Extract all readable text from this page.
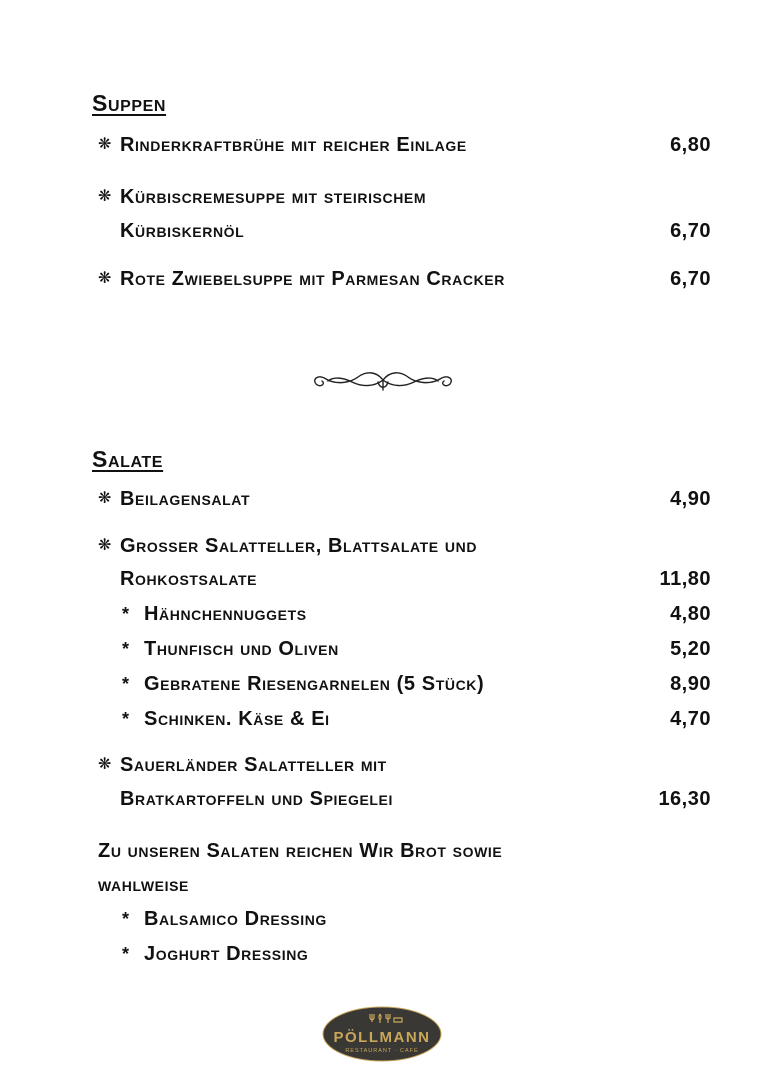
Suppen
❋ Rinderkraftbrühe mit reicher Einlage	6,80
❋ Kürbiscremesuppe mit steirischem
Kürbiskernöl	6,70
❋ Rote Zwiebelsuppe mit Parmesan Cracker	6,70
Salate
❋ Beilagensalat	4,90
❋ Grosser Salatteller, Blattsalate und
Rohkostsalate	11,80
* Hähnchennuggets	4,80
* Thunfisch und Oliven	5,20
* Gebratene Riesengarnelen (5 Stück)	8,90
* Schinken. Käse & Ei	4,70
❋ Sauerländer Salatteller mit
Bratkartoffeln und Spiegelei	16,30
Zu unseren Salaten reichen Wir Brot sowie
wahlweise
* Balsamico Dressing
* Joghurt Dressing
PÖLLMANN
RESTAURANT · CAFÉ
